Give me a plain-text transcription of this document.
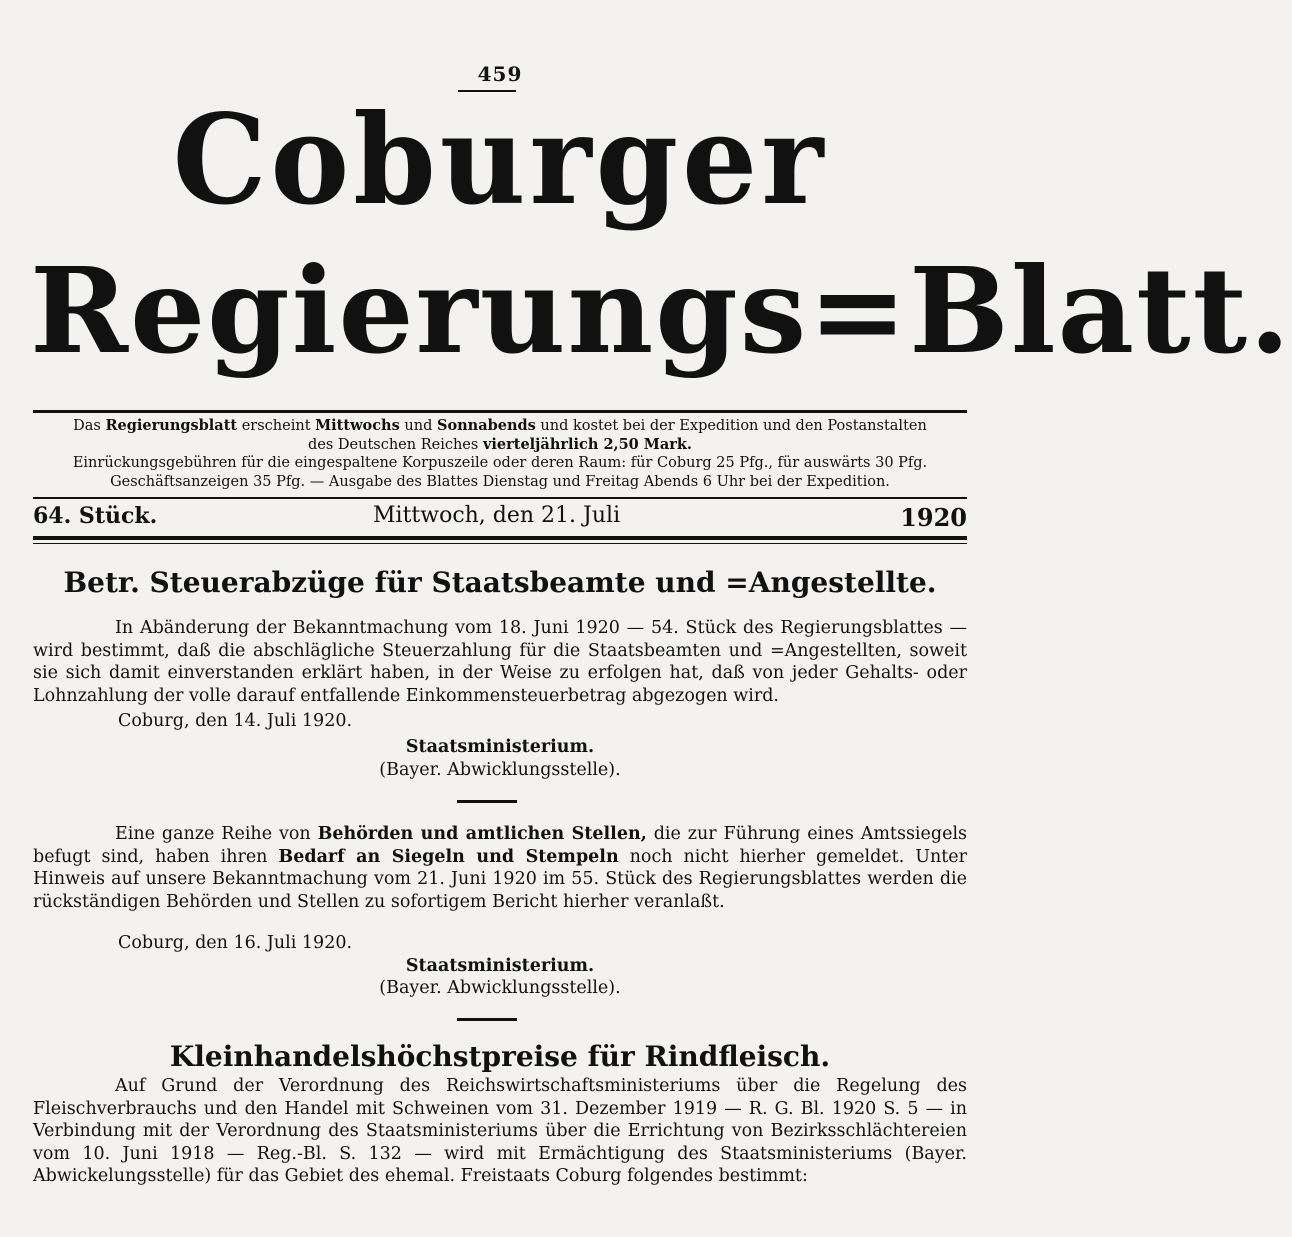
459
Coburger
Regierungs=Blatt.
Das Regierungsblatt erscheint Mittwochs und Sonnabends und kostet bei der Expedition und den Postanstalten
des Deutschen Reiches vierteljährlich 2,50 Mark.
Einrückungsgebühren für die eingespaltene Korpuszeile oder deren Raum: für Coburg 25 Pfg., für auswärts 30 Pfg.
Geschäftsanzeigen 35 Pfg. — Ausgabe des Blattes Dienstag und Freitag Abends 6 Uhr bei der Expedition.
64. Stück.	Mittwoch, den 21. Juli	1920
Betr. Steuerabzüge für Staatsbeamte und =Angestellte.
In Abänderung der Bekanntmachung vom 18. Juni 1920 — 54. Stück des Regierungsblattes — wird bestimmt, daß die abschlägliche Steuerzahlung für die Staatsbeamten und =Angestellten, soweit sie sich damit einverstanden erklärt haben, in der Weise zu erfolgen hat, daß von jeder Gehalts- oder Lohnzahlung der volle darauf entfallende Einkommensteuerbetrag abgezogen wird.
Coburg, den 14. Juli 1920.
Staatsministerium.
(Bayer. Abwicklungsstelle).
Eine ganze Reihe von Behörden und amtlichen Stellen, die zur Führung eines Amtssiegels befugt sind, haben ihren Bedarf an Siegeln und Stempeln noch nicht hierher gemeldet. Unter Hinweis auf unsere Bekanntmachung vom 21. Juni 1920 im 55. Stück des Regierungsblattes werden die rückständigen Behörden und Stellen zu sofortigem Bericht hierher veranlaßt.
Coburg, den 16. Juli 1920.
Staatsministerium.
(Bayer. Abwicklungsstelle).
Kleinhandelshöchstpreise für Rindfleisch.
Auf Grund der Verordnung des Reichswirtschaftsministeriums über die Regelung des Fleischverbrauchs und den Handel mit Schweinen vom 31. Dezember 1919 — R. G. Bl. 1920 S. 5 — in Verbindung mit der Verordnung des Staatsministeriums über die Errichtung von Bezirksschlächtereien vom 10. Juni 1918 — Reg.-Bl. S. 132 — wird mit Ermächtigung des Staatsministeriums (Bayer. Abwickelungsstelle) für das Gebiet des ehemal. Freistaats Coburg folgendes bestimmt:
